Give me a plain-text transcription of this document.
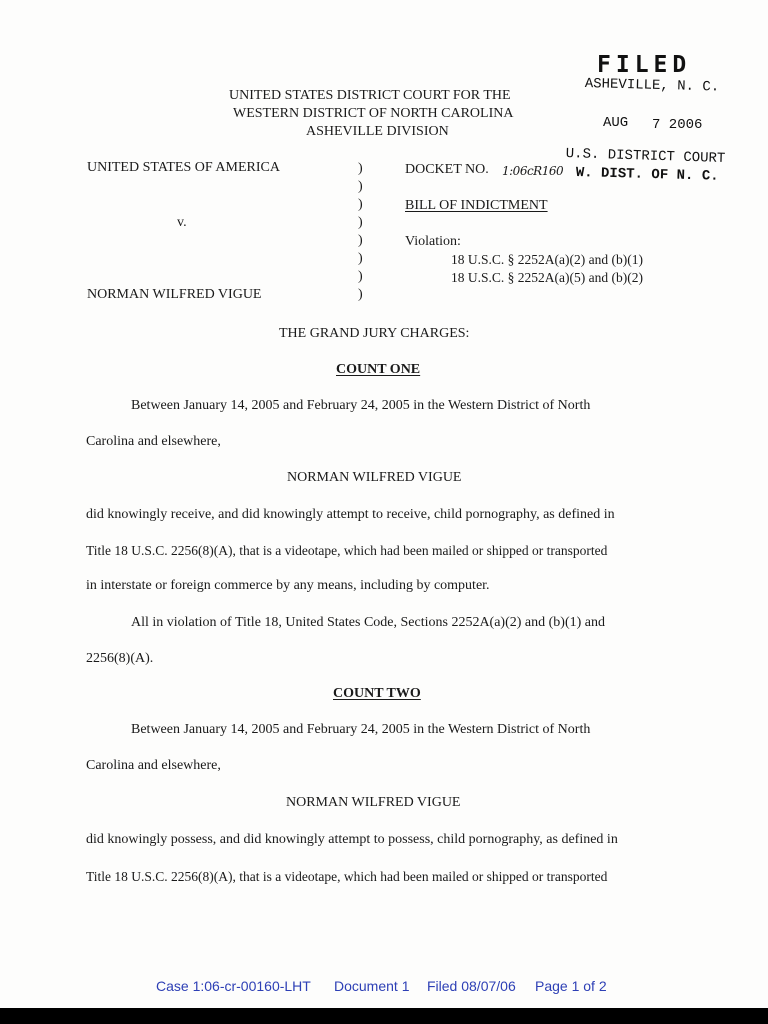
FILED
ASHEVILLE, N. C.
AUG 7 2006
U.S. DISTRICT COURT
W. DIST. OF N. C.
UNITED STATES DISTRICT COURT FOR THE
WESTERN DISTRICT OF NORTH CAROLINA
ASHEVILLE DIVISION
UNITED STATES OF AMERICA
v.
NORMAN WILFRED VIGUE
)
)
)
)
)
)
)
)
DOCKET NO. 1:06cR160
BILL OF INDICTMENT
Violation:
18 U.S.C. § 2252A(a)(2) and (b)(1)
18 U.S.C. § 2252A(a)(5) and (b)(2)
THE GRAND JURY CHARGES:
COUNT ONE
Between January 14, 2005 and February 24, 2005 in the Western District of North
Carolina and elsewhere,
NORMAN WILFRED VIGUE
did knowingly receive, and did knowingly attempt to receive, child pornography, as defined in
Title 18 U.S.C. 2256(8)(A), that is a videotape, which had been mailed or shipped or transported
in interstate or foreign commerce by any means, including by computer.
All in violation of Title 18, United States Code, Sections 2252A(a)(2) and (b)(1) and
2256(8)(A).
COUNT TWO
Between January 14, 2005 and February 24, 2005 in the Western District of North
Carolina and elsewhere,
NORMAN WILFRED VIGUE
did knowingly possess, and did knowingly attempt to possess, child pornography, as defined in
Title 18 U.S.C. 2256(8)(A), that is a videotape, which had been mailed or shipped or transported
Case 1:06-cr-00160-LHT Document 1 Filed 08/07/06 Page 1 of 2
